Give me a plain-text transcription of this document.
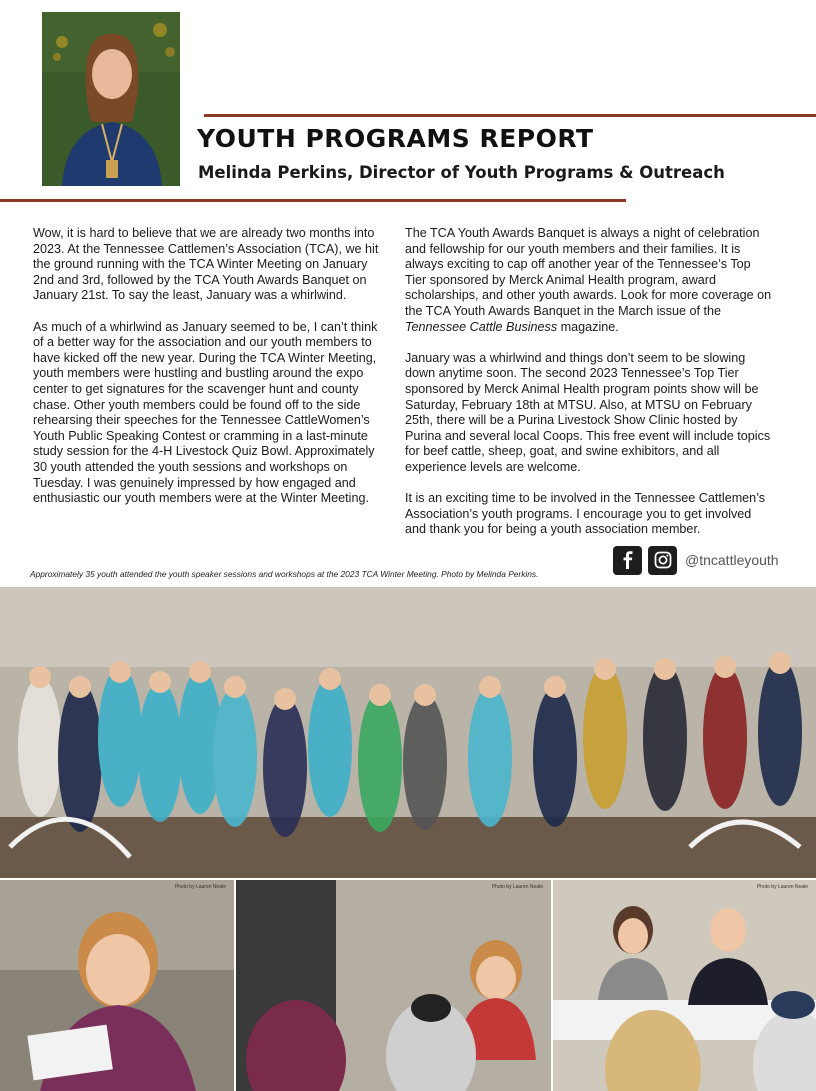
YOUTH PROGRAMS REPORT
Melinda Perkins, Director of Youth Programs & Outreach

Wow, it is hard to believe that we are already two months into 2023. At the Tennessee Cattlemen’s Association (TCA), we hit the ground running with the TCA Winter Meeting on January 2nd and 3rd, followed by the TCA Youth Awards Banquet on January 21st. To say the least, January was a whirlwind.

As much of a whirlwind as January seemed to be, I can’t think of a better way for the association and our youth members to have kicked off the new year. During the TCA Winter Meeting, youth members were hustling and bustling around the expo center to get signatures for the scavenger hunt and county chase. Other youth members could be found off to the side rehearsing their speeches for the Tennessee CattleWomen’s Youth Public Speaking Contest or cramming in a last-minute study session for the 4-H Livestock Quiz Bowl. Approximately 30 youth attended the youth sessions and workshops on Tuesday. I was genuinely impressed by how engaged and enthusiastic our youth members were at the Winter Meeting.

The TCA Youth Awards Banquet is always a night of celebration and fellowship for our youth members and their families. It is always exciting to cap off another year of the Tennessee’s Top Tier sponsored by Merck Animal Health program, award scholarships, and other youth awards. Look for more coverage on the TCA Youth Awards Banquet in the March issue of the Tennessee Cattle Business magazine.

January was a whirlwind and things don’t seem to be slowing down anytime soon. The second 2023 Tennessee’s Top Tier sponsored by Merck Animal Health program points show will be Saturday, February 18th at MTSU. Also, at MTSU on February 25th, there will be a Purina Livestock Show Clinic hosted by Purina and several local Coops. This free event will include topics for beef cattle, sheep, goat, and swine exhibitors, and all experience levels are welcome.

It is an exciting time to be involved in the Tennessee Cattlemen’s Association’s youth programs. I encourage you to get involved and thank you for being a youth association member.

@tncattleyouth
Approximately 35 youth attended the youth speaker sessions and workshops at the 2023 TCA Winter Meeting. Photo by Melinda Perkins.
Photo by Lauren Neale	Photo by Lauren Neale	Photo by Lauren Neale
